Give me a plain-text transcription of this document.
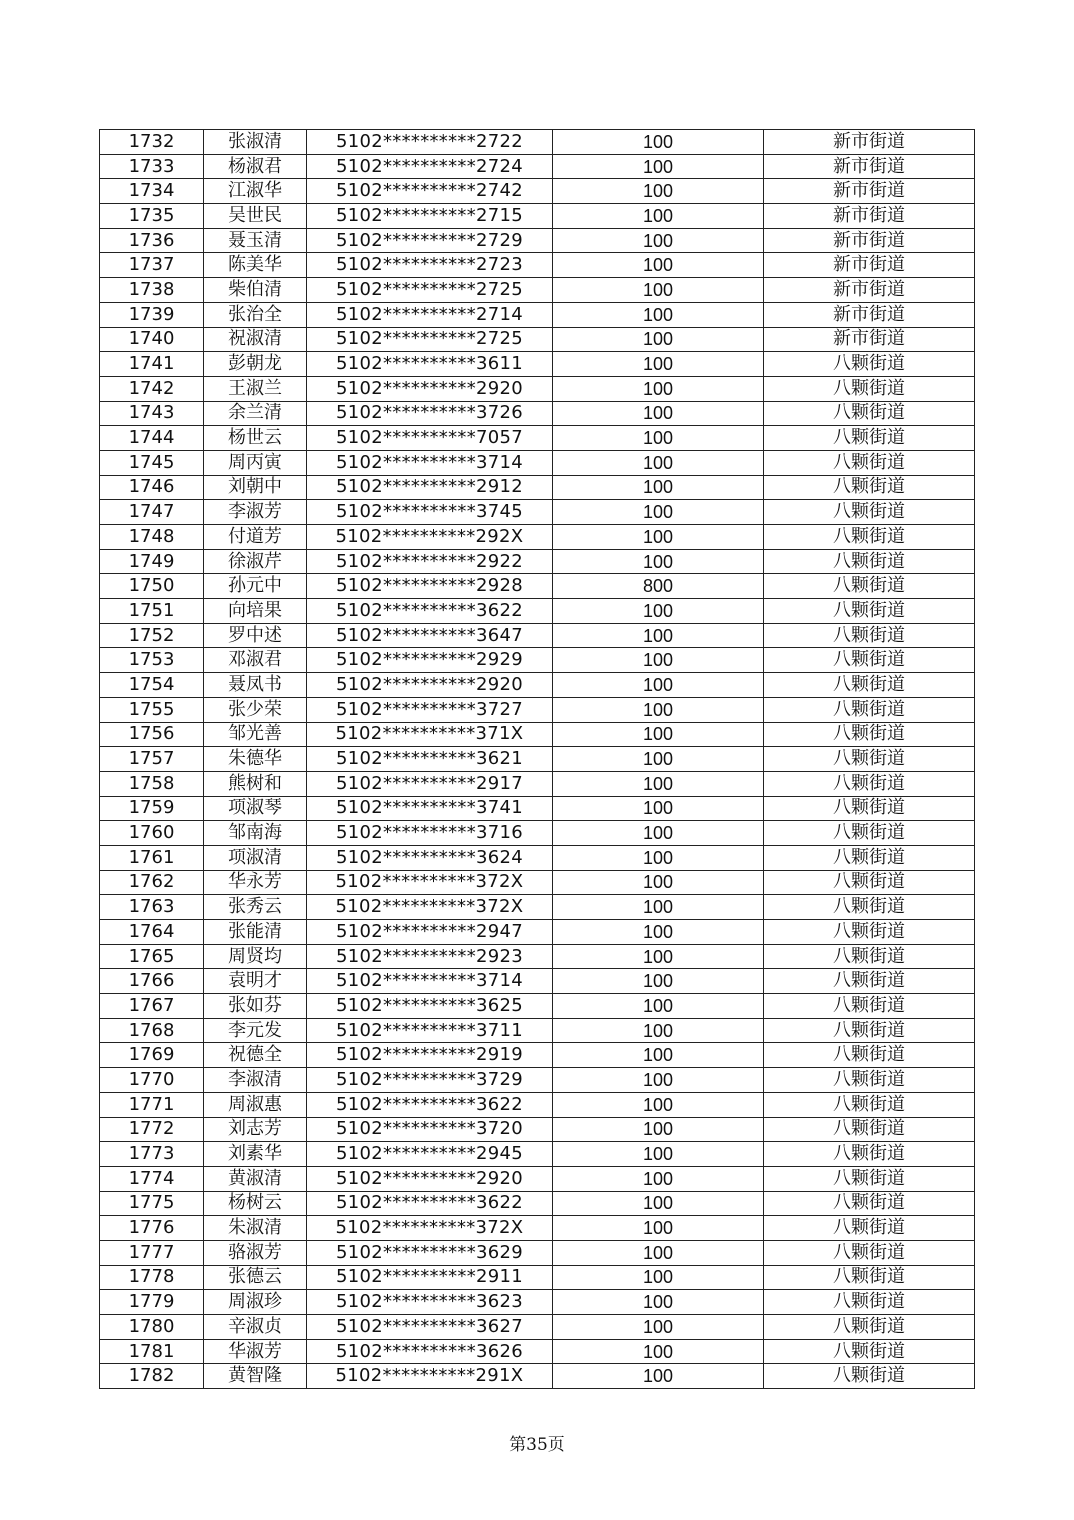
1732	张淑清	5102**********2722	100	新市街道
1733	杨淑君	5102**********2724	100	新市街道
1734	江淑华	5102**********2742	100	新市街道
1735	吴世民	5102**********2715	100	新市街道
1736	聂玉清	5102**********2729	100	新市街道
1737	陈美华	5102**********2723	100	新市街道
1738	柴伯清	5102**********2725	100	新市街道
1739	张治全	5102**********2714	100	新市街道
1740	祝淑清	5102**********2725	100	新市街道
1741	彭朝龙	5102**********3611	100	八颗街道
1742	王淑兰	5102**********2920	100	八颗街道
1743	余兰清	5102**********3726	100	八颗街道
1744	杨世云	5102**********7057	100	八颗街道
1745	周丙寅	5102**********3714	100	八颗街道
1746	刘朝中	5102**********2912	100	八颗街道
1747	李淑芳	5102**********3745	100	八颗街道
1748	付道芳	5102**********292X	100	八颗街道
1749	徐淑芹	5102**********2922	100	八颗街道
1750	孙元中	5102**********2928	800	八颗街道
1751	向培果	5102**********3622	100	八颗街道
1752	罗中述	5102**********3647	100	八颗街道
1753	邓淑君	5102**********2929	100	八颗街道
1754	聂凤书	5102**********2920	100	八颗街道
1755	张少荣	5102**********3727	100	八颗街道
1756	邹光善	5102**********371X	100	八颗街道
1757	朱德华	5102**********3621	100	八颗街道
1758	熊树和	5102**********2917	100	八颗街道
1759	项淑琴	5102**********3741	100	八颗街道
1760	邹南海	5102**********3716	100	八颗街道
1761	项淑清	5102**********3624	100	八颗街道
1762	华永芳	5102**********372X	100	八颗街道
1763	张秀云	5102**********372X	100	八颗街道
1764	张能清	5102**********2947	100	八颗街道
1765	周贤均	5102**********2923	100	八颗街道
1766	袁明才	5102**********3714	100	八颗街道
1767	张如芬	5102**********3625	100	八颗街道
1768	李元发	5102**********3711	100	八颗街道
1769	祝德全	5102**********2919	100	八颗街道
1770	李淑清	5102**********3729	100	八颗街道
1771	周淑惠	5102**********3622	100	八颗街道
1772	刘志芳	5102**********3720	100	八颗街道
1773	刘素华	5102**********2945	100	八颗街道
1774	黄淑清	5102**********2920	100	八颗街道
1775	杨树云	5102**********3622	100	八颗街道
1776	朱淑清	5102**********372X	100	八颗街道
1777	骆淑芳	5102**********3629	100	八颗街道
1778	张德云	5102**********2911	100	八颗街道
1779	周淑珍	5102**********3623	100	八颗街道
1780	辛淑贞	5102**********3627	100	八颗街道
1781	华淑芳	5102**********3626	100	八颗街道
1782	黄智隆	5102**********291X	100	八颗街道
第35页
